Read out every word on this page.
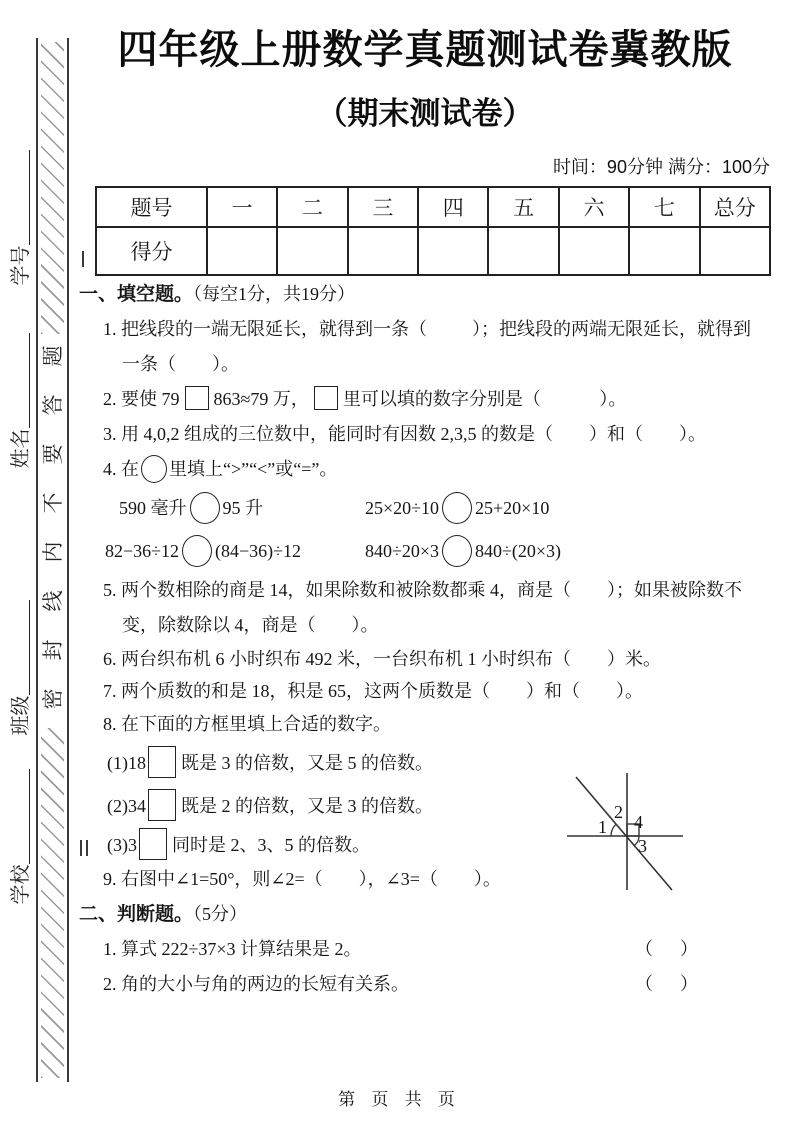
学号
姓名
班级
学校
题
答
要
不
内
线
封
密
四年级上册数学真题测试卷冀教版
（期末测试卷）
时间：90分钟 满分：100分
题号	一	二	三	四	五	六	七	总分
得分								
一、填空题。（每空1分，共19分）
1. 把线段的一端无限延长，就得到一条（          ）；把线段的两端无限延长，就得到
一条（        ）。
2. 要使 79 863≈79 万， 里可以填的数字分别是（             ）。
3. 用 4,0,2 组成的三位数中，能同时有因数 2,3,5 的数是（        ）和（        ）。
4. 在 里填上“>”“<”或“=”。
590 毫升 95 升	25×20÷10 25+20×10
82−36÷12 (84−36)÷12	840÷20×3 840÷(20×3)
5. 两个数相除的商是 14，如果除数和被除数都乘 4，商是（        ）；如果被除数不
变，除数除以 4，商是（        ）。
6. 两台织布机 6 小时织布 492 米，一台织布机 1 小时织布（        ）米。
7. 两个质数的和是 18，积是 65，这两个质数是（        ）和（        ）。
8. 在下面的方框里填上合适的数字。
(1)18 既是 3 的倍数，又是 5 的倍数。
(2)34 既是 2 的倍数，又是 3 的倍数。
(3)3 同时是 2、3、5 的倍数。
9. 右图中∠1=50°，则∠2=（        ），∠3=（        ）。
二、判断题。（5分）
1. 算式 222÷37×3 计算结果是 2。	（      ）
2. 角的大小与角的两边的长短有关系。	（      ）
1
2
3
4
第 页 共 页
